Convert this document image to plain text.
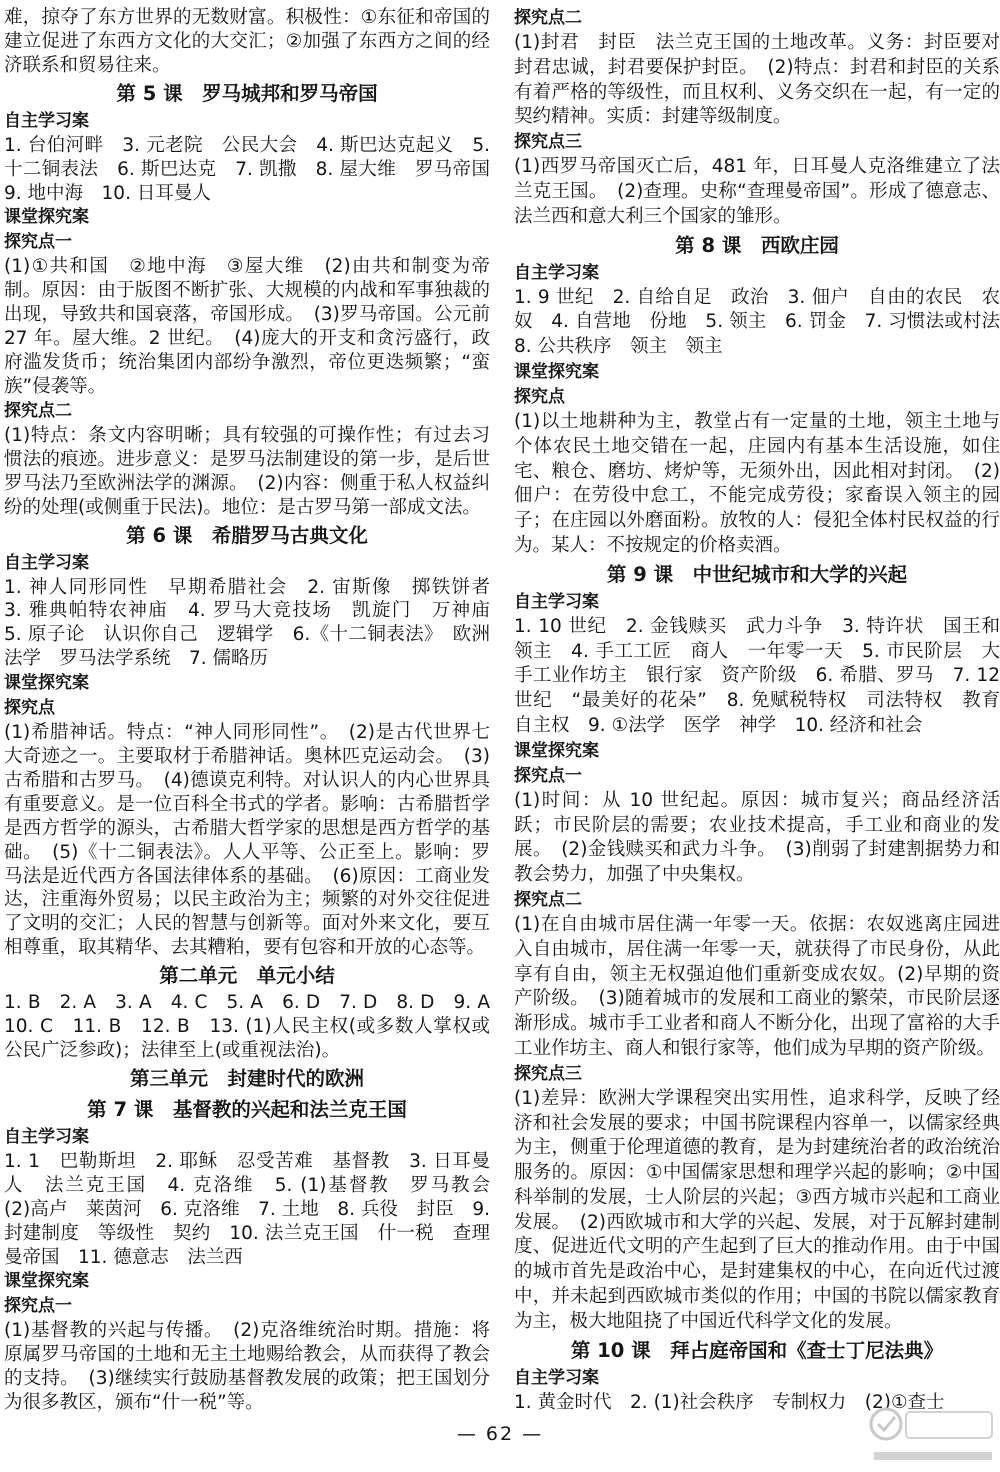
难，掠夺了东方世界的无数财富。积极性：①东征和帝国的建立促进了东西方文化的大交汇；②加强了东西方之间的经济联系和贸易往来。

第 5 课　罗马城邦和罗马帝国
自主学习案

1. 台伯河畔　3. 元老院　公民大会　4. 斯巴达克起义　5. 十二铜表法　6. 斯巴达克　7. 凯撒　8. 屋大维　罗马帝国　9. 地中海　10. 日耳曼人

课堂探究案
探究点一

(1)①共和国　②地中海　③屋大维　(2)由共和制变为帝制。原因：由于版图不断扩张、大规模的内战和军事独裁的出现，导致共和国衰落，帝国形成。　(3)罗马帝国。公元前 27 年。屋大维。2 世纪。　(4)庞大的开支和贪污盛行，政府滥发货币；统治集团内部纷争激烈，帝位更迭频繁；“蛮族”侵袭等。

探究点二

(1)特点：条文内容明晰；具有较强的可操作性；有过去习惯法的痕迹。进步意义：是罗马法制建设的第一步，是后世罗马法乃至欧洲法学的渊源。　(2)内容：侧重于私人权益纠纷的处理(或侧重于民法)。地位：是古罗马第一部成文法。

第 6 课　希腊罗马古典文化
自主学习案

1. 神人同形同性　早期希腊社会　2. 宙斯像　掷铁饼者　3. 雅典帕特农神庙　4. 罗马大竞技场　凯旋门　万神庙　5. 原子论　认识你自己　逻辑学　6.《十二铜表法》　欧洲法学　罗马法学系统　7. 儒略历

课堂探究案
探究点

(1)希腊神话。特点：“神人同形同性”。　(2)是古代世界七大奇迹之一。主要取材于希腊神话。奥林匹克运动会。　(3)古希腊和古罗马。　(4)德谟克利特。对认识人的内心世界具有重要意义。是一位百科全书式的学者。影响：古希腊哲学是西方哲学的源头，古希腊大哲学家的思想是西方哲学的基础。　(5)《十二铜表法》。人人平等、公正至上。影响：罗马法是近代西方各国法律体系的基础。　(6)原因：工商业发达，注重海外贸易；以民主政治为主；频繁的对外交往促进了文明的交汇；人民的智慧与创新等。面对外来文化，要互相尊重，取其精华、去其糟粕，要有包容和开放的心态等。

第二单元　单元小结

1. B　2. A　3. A　4. C　5. A　6. D　7. D　8. D　9. A　10. C　11. B　12. B　13. (1)人民主权(或多数人掌权或公民广泛参政)；法律至上(或重视法治)。

第三单元　封建时代的欧洲
第 7 课　基督教的兴起和法兰克王国
自主学习案

1. 1　巴勒斯坦　2. 耶稣　忍受苦难　基督教　3. 日耳曼人　法兰克王国　4. 克洛维　5. (1)基督教　罗马教会　(2)高卢　莱茵河　6. 克洛维　7. 土地　8. 兵役　封臣　9. 封建制度　等级性　契约　10. 法兰克王国　什一税　查理曼帝国　11. 德意志　法兰西

课堂探究案
探究点一

(1)基督教的兴起与传播。　(2)克洛维统治时期。措施：将原属罗马帝国的土地和无主土地赐给教会，从而获得了教会的支持。　(3)继续实行鼓励基督教发展的政策；把王国划分为很多教区，颁布“什一税”等。

探究点二

(1)封君　封臣　法兰克王国的土地改革。义务：封臣要对封君忠诚，封君要保护封臣。　(2)特点：封君和封臣的关系有着严格的等级性，而且权利、义务交织在一起，有一定的契约精神。实质：封建等级制度。

探究点三

(1)西罗马帝国灭亡后，481 年，日耳曼人克洛维建立了法兰克王国。　(2)查理。史称“查理曼帝国”。形成了德意志、法兰西和意大利三个国家的雏形。

第 8 课　西欧庄园
自主学习案

1. 9 世纪　2. 自给自足　政治　3. 佃户　自由的农民　农奴　4. 自营地　份地　5. 领主　6. 罚金　7. 习惯法或村法　8. 公共秩序　领主　领主

课堂探究案
探究点

(1)以土地耕种为主，教堂占有一定量的土地，领主土地与个体农民土地交错在一起，庄园内有基本生活设施，如住宅、粮仓、磨坊、烤炉等，无须外出，因此相对封闭。　(2)佃户：在劳役中怠工，不能完成劳役；家畜误入领主的园子；在庄园以外磨面粉。放牧的人：侵犯全体村民权益的行为。某人：不按规定的价格卖酒。

第 9 课　中世纪城市和大学的兴起
自主学习案

1. 10 世纪　2. 金钱赎买　武力斗争　3. 特许状　国王和领主　4. 手工工匠　商人　一年零一天　5. 市民阶层　大手工业作坊主　银行家　资产阶级　6. 希腊、罗马　7. 12 世纪　“最美好的花朵”　8. 免赋税特权　司法特权　教育自主权　9. ①法学　医学　神学　10. 经济和社会

课堂探究案
探究点一

(1)时间：从 10 世纪起。原因：城市复兴；商品经济活跃；市民阶层的需要；农业技术提高，手工业和商业的发展。　(2)金钱赎买和武力斗争。　(3)削弱了封建割据势力和教会势力，加强了中央集权。

探究点二

(1)在自由城市居住满一年零一天。依据：农奴逃离庄园进入自由城市，居住满一年零一天，就获得了市民身份，从此享有自由，领主无权强迫他们重新变成农奴。(2)早期的资产阶级。　(3)随着城市的发展和工商业的繁荣，市民阶层逐渐形成。城市手工业者和商人不断分化，出现了富裕的大手工业作坊主、商人和银行家等，他们成为早期的资产阶级。

探究点三

(1)差异：欧洲大学课程突出实用性，追求科学，反映了经济和社会发展的要求；中国书院课程内容单一，以儒家经典为主，侧重于伦理道德的教育，是为封建统治者的政治统治服务的。原因：①中国儒家思想和理学兴起的影响；②中国科举制的发展，士人阶层的兴起；③西方城市兴起和工商业发展。　(2)西欧城市和大学的兴起、发展，对于瓦解封建制度、促进近代文明的产生起到了巨大的推动作用。由于中国的城市首先是政治中心，是封建集权的中心，在向近代过渡中，并未起到西欧城市类似的作用；中国的书院以儒家教育为主，极大地阻挠了中国近代科学文化的发展。

第 10 课　拜占庭帝国和《查士丁尼法典》
自主学习案

1. 黄金时代　2. (1)社会秩序　专制权力　(2)①查士

— 62 —
